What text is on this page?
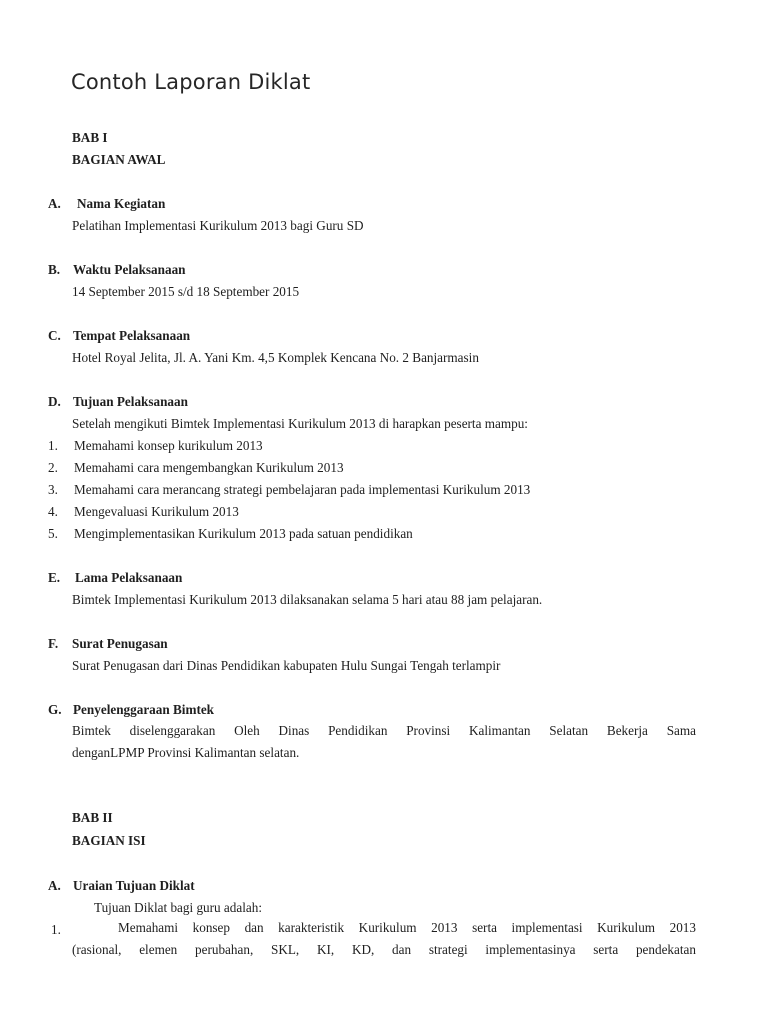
Contoh Laporan Diklat
BAB I
BAGIAN AWAL
A. Nama Kegiatan
Pelatihan Implementasi Kurikulum 2013 bagi Guru SD
B. Waktu Pelaksanaan
14 September 2015 s/d 18 September 2015
C. Tempat Pelaksanaan
Hotel Royal Jelita, Jl. A. Yani Km. 4,5 Komplek Kencana No. 2 Banjarmasin
D. Tujuan Pelaksanaan
Setelah mengikuti Bimtek Implementasi Kurikulum 2013 di harapkan peserta mampu:
1. Memahami konsep kurikulum 2013
2. Memahami cara mengembangkan Kurikulum 2013
3. Memahami cara merancang strategi pembelajaran pada implementasi Kurikulum 2013
4. Mengevaluasi Kurikulum 2013
5. Mengimplementasikan Kurikulum 2013 pada satuan pendidikan
E. Lama Pelaksanaan
Bimtek Implementasi Kurikulum 2013 dilaksanakan selama 5 hari atau 88 jam pelajaran.
F. Surat Penugasan
Surat Penugasan dari Dinas Pendidikan kabupaten Hulu Sungai Tengah terlampir
G. Penyelenggaraan Bimtek
Bimtek diselenggarakan Oleh Dinas Pendidikan Provinsi Kalimantan Selatan Bekerja Sama
denganLPMP Provinsi Kalimantan selatan.
BAB II
BAGIAN ISI
A. Uraian Tujuan Diklat
Tujuan Diklat bagi guru adalah:
1.	Memahami konsep dan karakteristik Kurikulum 2013 serta implementasi Kurikulum 2013
(rasional, elemen perubahan, SKL, KI, KD, dan strategi implementasinya serta pendekatan
